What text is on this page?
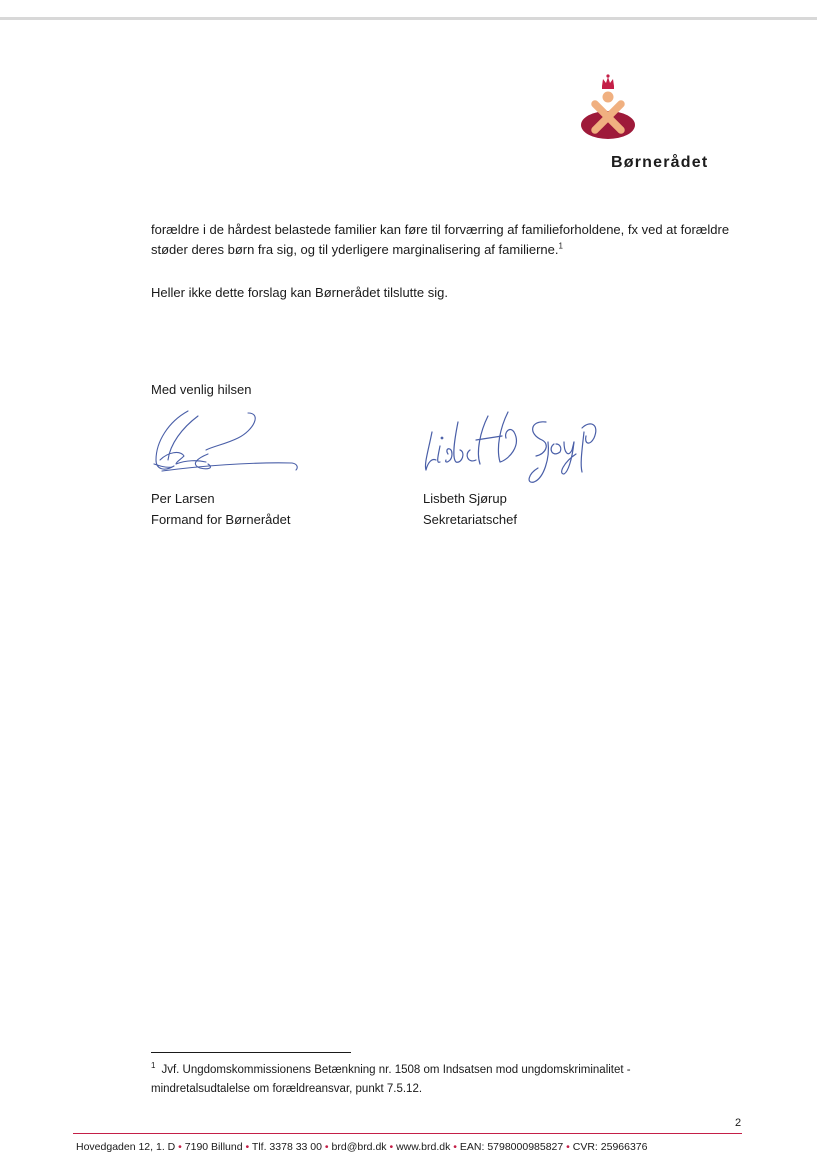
Børnerådet
forældre i de hårdest belastede familier kan føre til forværring af familieforholdene, fx ved at forældre støder deres børn fra sig, og til yderligere marginalisering af familierne.$^1$
Heller ikke dette forslag kan Børnerådet tilslutte sig.
Med venlig hilsen
Per Larsen
Formand for Børnerådet
Lisbeth Sjørup
Sekretariatschef
$^1$ Jvf. Ungdomskommissionens Betænkning nr. 1508 om Indsatsen mod ungdomskriminalitet - mindretalsudtalelse om forældreansvar, punkt 7.5.12.
2
Hovedgaden 12, 1. D • 7190 Billund • Tlf. 3378 33 00 • brd@brd.dk • www.brd.dk • EAN: 5798000985827 • CVR: 25966376
